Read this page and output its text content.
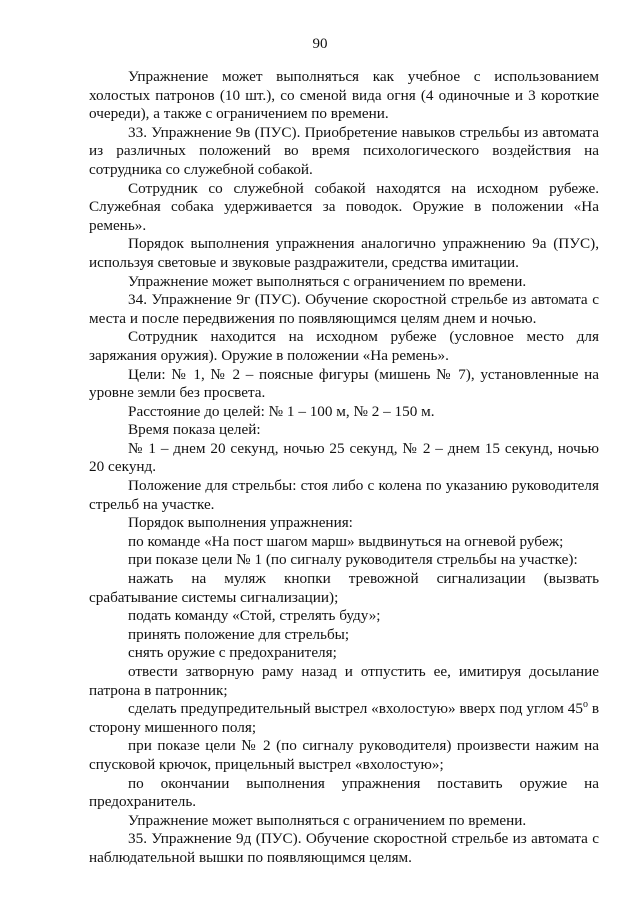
90

Упражнение может выполняться как учебное с использованием холостых патронов (10 шт.), со сменой вида огня (4 одиночные и 3 короткие очереди), а также с ограничением по времени.

33. Упражнение 9в (ПУС). Приобретение навыков стрельбы из автомата из различных положений во время психологического воздействия на сотрудника со служебной собакой.

Сотрудник со служебной собакой находятся на исходном рубеже. Служебная собака удерживается за поводок. Оружие в положении «На ремень».

Порядок выполнения упражнения аналогично упражнению 9а (ПУС), используя световые и звуковые раздражители, средства имитации.

Упражнение может выполняться с ограничением по времени.

34. Упражнение 9г (ПУС). Обучение скоростной стрельбе из автомата с места и после передвижения по появляющимся целям днем и ночью.

Сотрудник находится на исходном рубеже (условное место для заряжания оружия). Оружие в положении «На ремень».

Цели: № 1, № 2 – поясные фигуры (мишень № 7), установленные на уровне земли без просвета.

Расстояние до целей: № 1 – 100 м, № 2 – 150 м.

Время показа целей:

№ 1 – днем 20 секунд, ночью 25 секунд, № 2 – днем 15 секунд, ночью 20 секунд.

Положение для стрельбы: стоя либо с колена по указанию руководителя стрельб на участке.

Порядок выполнения упражнения:

по команде «На пост шагом марш» выдвинуться на огневой рубеж;

при показе цели № 1 (по сигналу руководителя стрельбы на участке):

нажать на муляж кнопки тревожной сигнализации (вызвать срабатывание системы сигнализации);

подать команду «Стой, стрелять буду»;

принять положение для стрельбы;

снять оружие с предохранителя;

отвести затворную раму назад и отпустить ее, имитируя досылание патрона в патронник;

сделать предупредительный выстрел «вхолостую» вверх под углом 45$^o$ в сторону мишенного поля;

при показе цели № 2 (по сигналу руководителя) произвести нажим на спусковой крючок, прицельный выстрел «вхолостую»;

по окончании выполнения упражнения поставить оружие на предохранитель.

Упражнение может выполняться с ограничением по времени.

35. Упражнение 9д (ПУС). Обучение скоростной стрельбе из автомата с наблюдательной вышки по появляющимся целям.
